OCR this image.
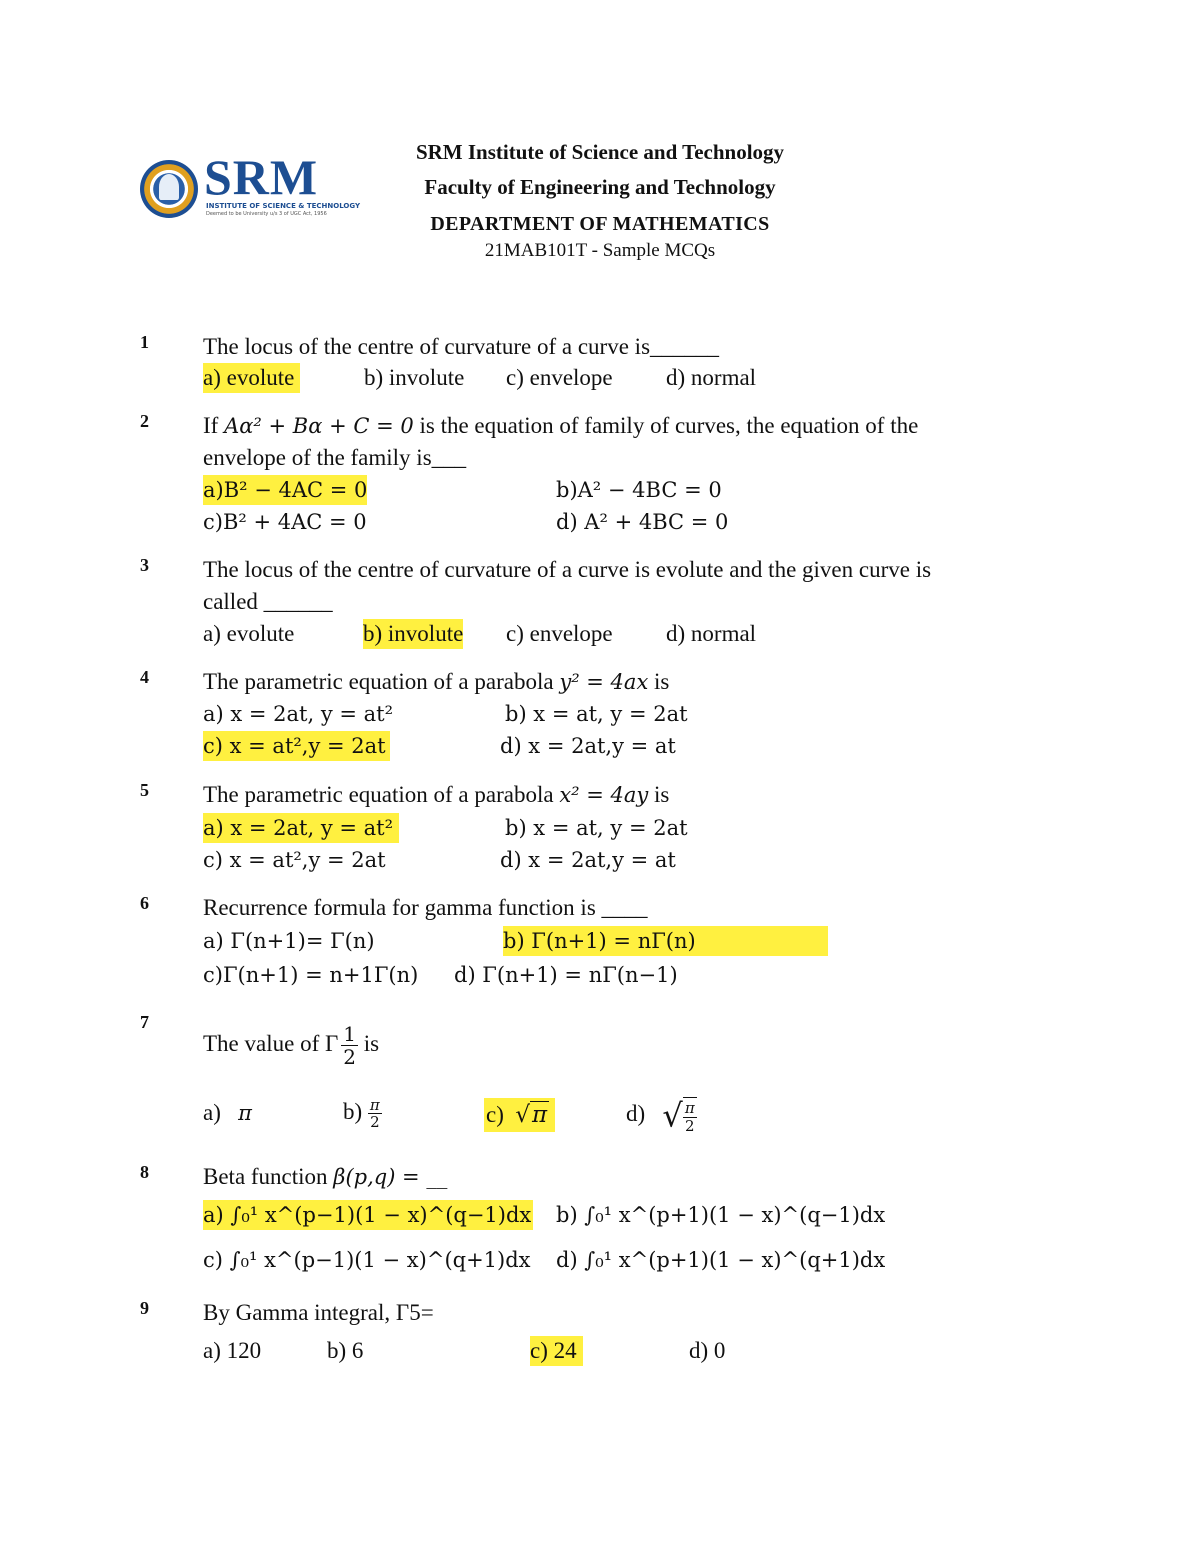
SRM
INSTITUTE OF SCIENCE & TECHNOLOGY
Deemed to be University u/s 3 of UGC Act, 1956
SRM Institute of Science and Technology
Faculty of Engineering and Technology
DEPARTMENT OF MATHEMATICS
21MAB101T - Sample MCQs
1 The locus of the centre of curvature of a curve is______
a) evolute	b) involute c) envelope d) normal
2 If Aα² + Bα + C = 0 is the equation of family of curves, the equation of the
envelope of the family is___
a)B² − 4AC = 0	b)A² − 4BC = 0
c)B² + 4AC = 0	d) A² + 4BC = 0
3 The locus of the centre of curvature of a curve is evolute and the given curve is
called ______
a) evolute	b) involute c) envelope d) normal
4 The parametric equation of a parabola y² = 4ax is
a) x = 2at, y = at²	b) x = at, y = 2at
c) x = at²,y = 2at	d) x = 2at,y = at
5 The parametric equation of a parabola x² = 4ay is
a) x = 2at, y = at²	b) x = at, y = 2at
c) x = at²,y = 2at	d) x = 2at,y = at
6 Recurrence formula for gamma function is ____
a) Γ(n+1)= Γ(n)	b) Γ(n+1) = nΓ(n)
c)Γ(n+1) = n+1Γ(n) d) Γ(n+1) = nΓ(n−1)
7
The value of Γ $\frac{1}{2}$ is
a) π	$b) \frac{\pi}{2}$	c) √π	d) √ $\frac{\pi}{2}$
8 Beta function β(p,q) = __
a) ∫₀¹ x^(p−1)(1 − x)^(q−1)dx b) ∫₀¹ x^(p+1)(1 − x)^(q−1)dx
c) ∫₀¹ x^(p−1)(1 − x)^(q+1)dx d) ∫₀¹ x^(p+1)(1 − x)^(q+1)dx
9 By Gamma integral, Γ5=
a) 120	b) 6	c) 24	d) 0
